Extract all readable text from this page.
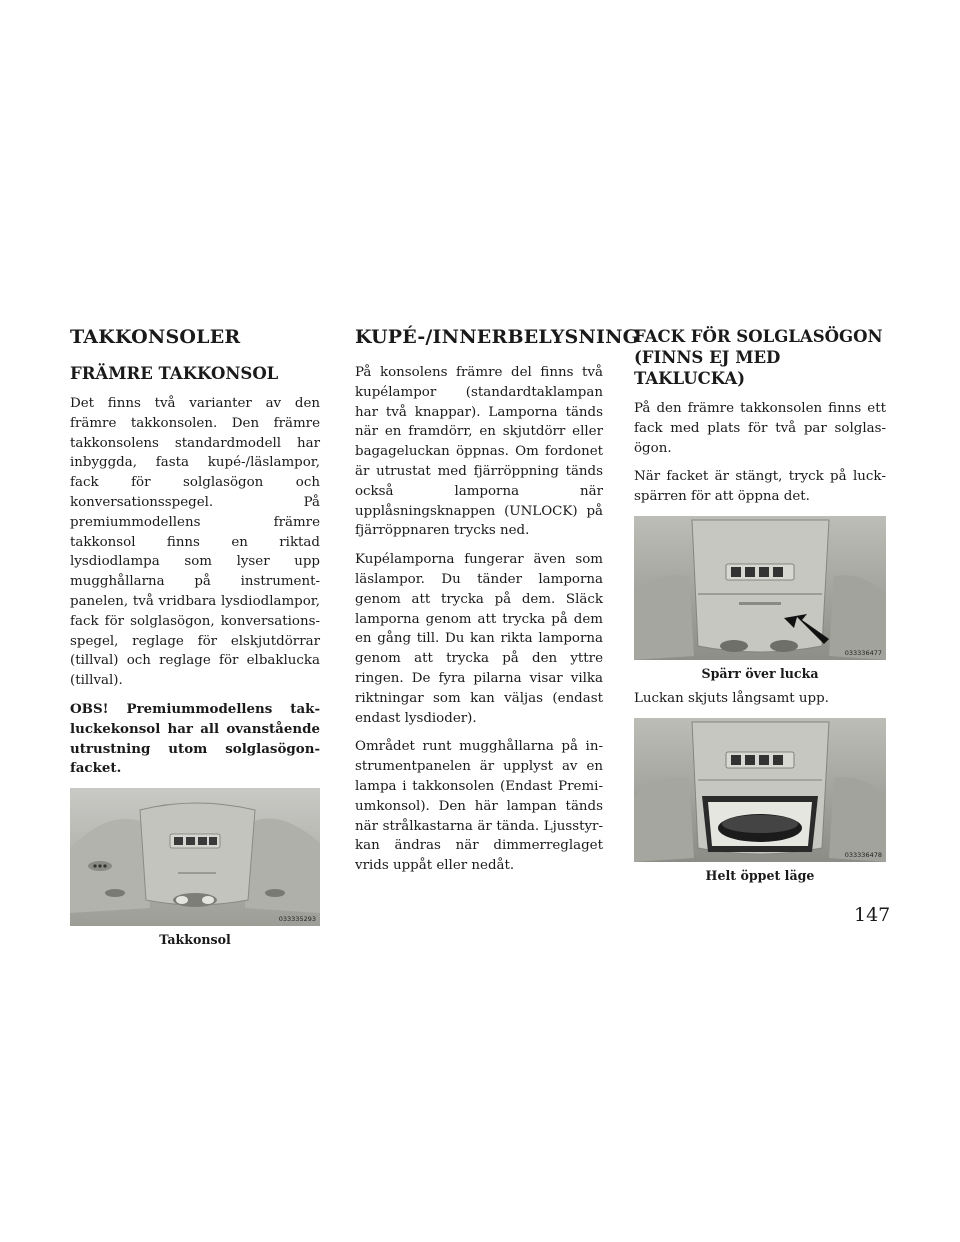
TAKKONSOLER
FRÄMRE TAKKONSOL

Det finns två varianter av den främre takkonsolen. Den främre takkonsolens standardmodell har inbyggda, fasta kupé-/läslampor, fack för solglasögon och konversationsspegel. På premiummodellens främre takkonsol finns en riktad lysdiodlampa som lyser upp mugghållarna på instrumentpanelen, två vridbara lysdiodlampor, fack för solglasögon, konversationsspegel, reglage för elskjutdörrar (tillval) och reglage för elbaklucka (tillval).

OBS! Premiummodellens takluckekonsol har all ovanstående utrustning utom solglasögonfacket.

033335293
Takkonsol
KUPÉ-/INNERBELYSNING

På konsolens främre del finns två kupélampor (standardtaklampan har två knappar). Lamporna tänds när en framdörr, en skjutdörr eller bagageluckan öppnas. Om fordonet är utrustat med fjärröppning tänds också lamporna när upplåsningsknappen (UNLOCK) på fjärröppnaren trycks ned.

Kupélamporna fungerar även som läslampor. Du tänder lamporna genom att trycka på dem. Släck lamporna genom att trycka på dem en gång till. Du kan rikta lamporna genom att trycka på den yttre ringen. De fyra pilarna visar vilka riktningar som kan väljas (endast endast lysdioder).

Området runt mugghållarna på instrumentpanelen är upplyst av en lampa i takkonsolen (Endast Premiumkonsol). Den här lampan tänds när strålkastarna är tända. Ljusstyrkan ändras när dimmerreglaget vrids uppåt eller nedåt.

FACK FÖR SOLGLASÖGON (FINNS EJ MED TAKLUCKA)

På den främre takkonsolen finns ett fack med plats för två par solglasögon.

När facket är stängt, tryck på luckspärren för att öppna det.

033336477
Spärr över lucka

Luckan skjuts långsamt upp.

033336478
Helt öppet läge
147
